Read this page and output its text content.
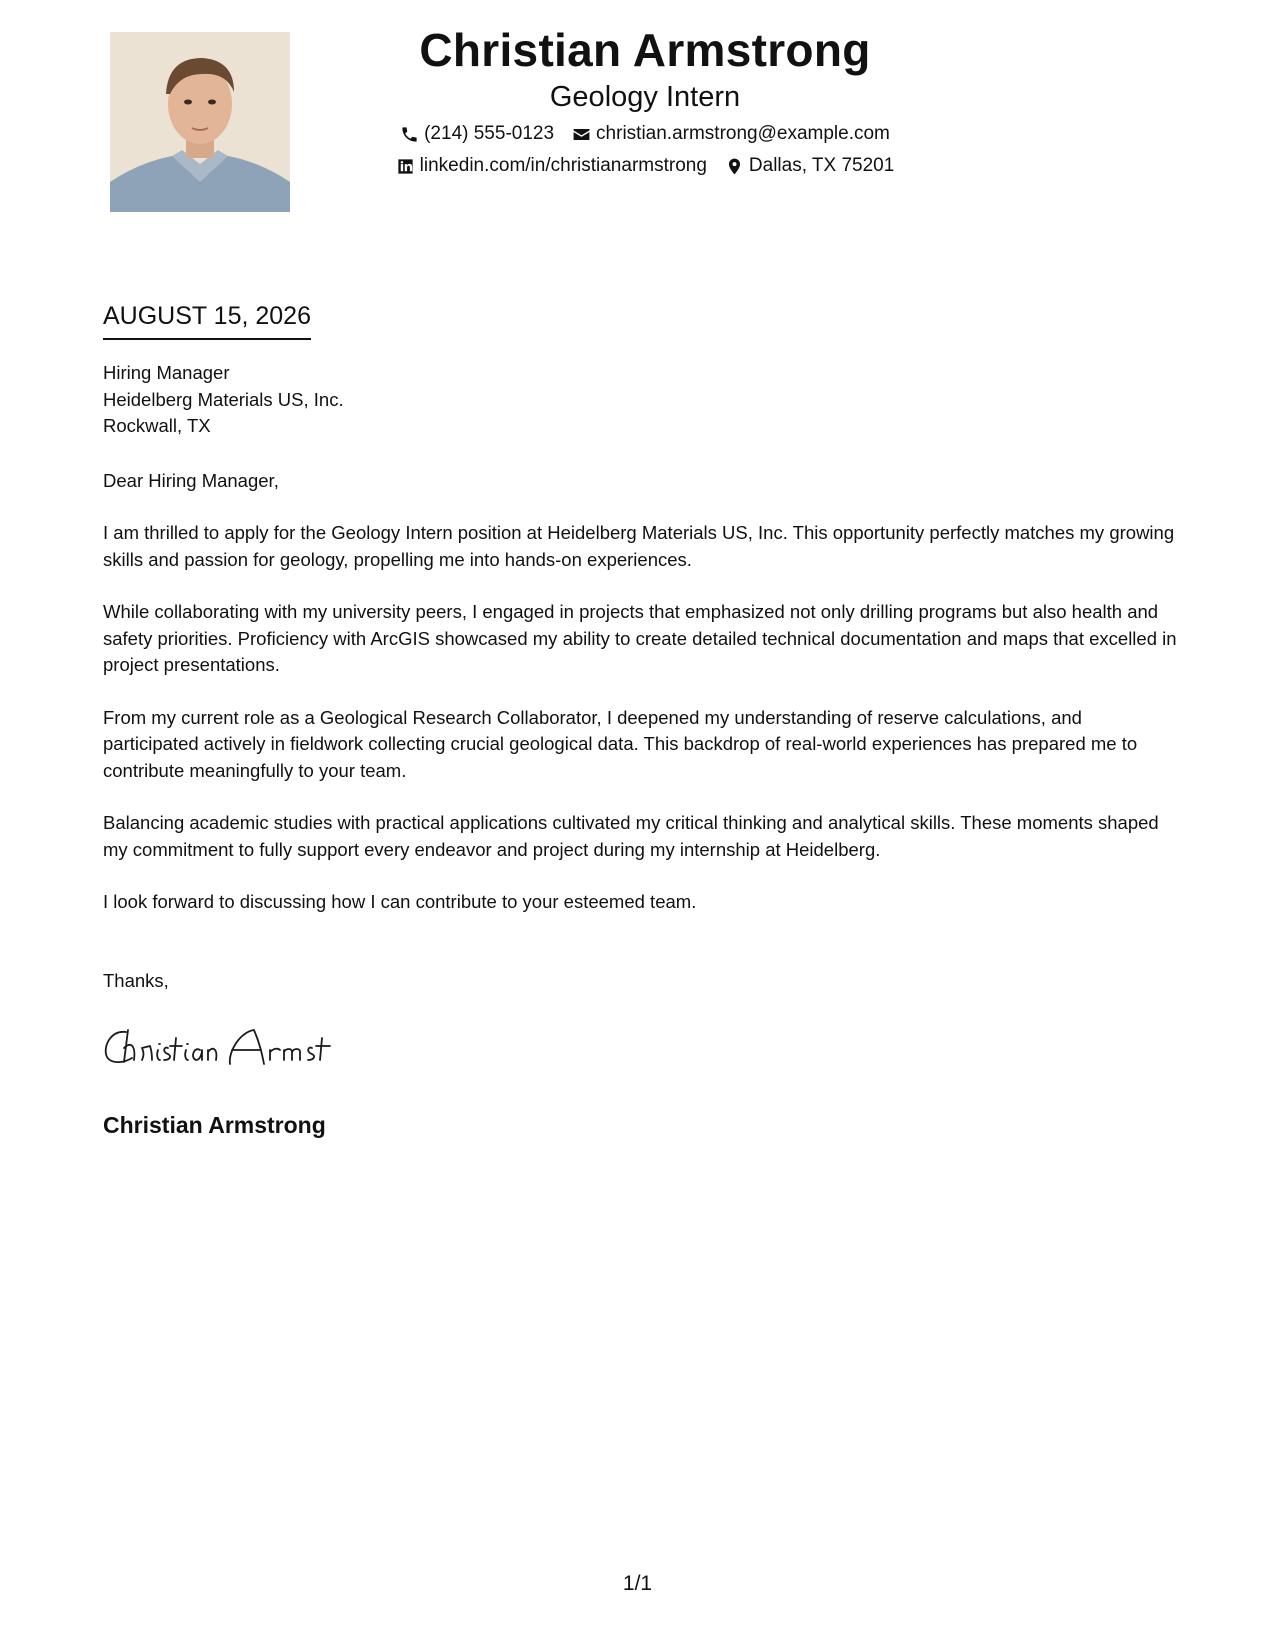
Christian Armstrong
Geology Intern
(214) 555-0123 christian.armstrong@example.com
linkedin.com/in/christianarmstrong Dallas, TX 75201
AUGUST 15, 2026
Hiring Manager
Heidelberg Materials US, Inc.
Rockwall, TX
Dear Hiring Manager,
I am thrilled to apply for the Geology Intern position at Heidelberg Materials US, Inc. This opportunity perfectly matches my growing skills and passion for geology, propelling me into hands-on experiences.
While collaborating with my university peers, I engaged in projects that emphasized not only drilling programs but also health and safety priorities. Proficiency with ArcGIS showcased my ability to create detailed technical documentation and maps that excelled in project presentations.
From my current role as a Geological Research Collaborator, I deepened my understanding of reserve calculations, and participated actively in fieldwork collecting crucial geological data. This backdrop of real-world experiences has prepared me to contribute meaningfully to your team.
Balancing academic studies with practical applications cultivated my critical thinking and analytical skills. These moments shaped my commitment to fully support every endeavor and project during my internship at Heidelberg.
I look forward to discussing how I can contribute to your esteemed team.
Thanks,
Christian Armstrong
1/1
